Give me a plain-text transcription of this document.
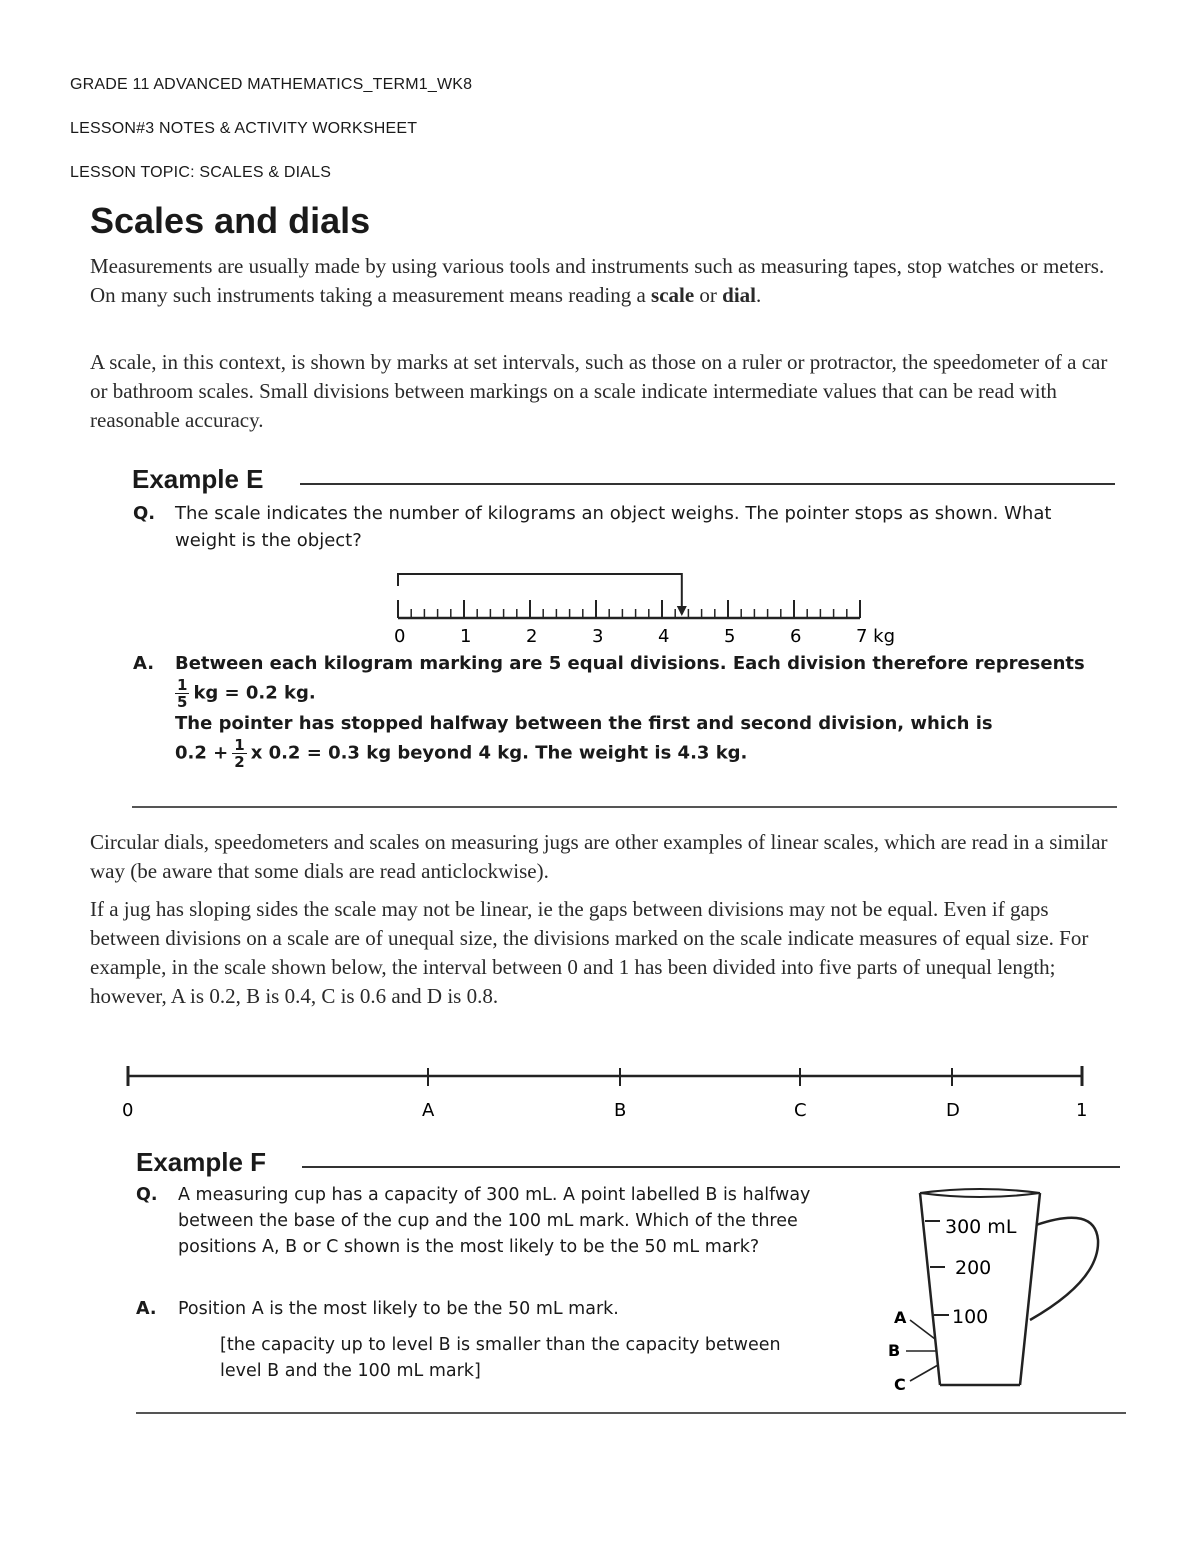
GRADE 11 ADVANCED MATHEMATICS_TERM1_WK8
LESSON#3 NOTES & ACTIVITY WORKSHEET
LESSON TOPIC: SCALES & DIALS
Scales and dials

Measurements are usually made by using various tools and instruments such as measuring tapes, stop watches or meters. On many such instruments taking a measurement means reading a scale or dial.

A scale, in this context, is shown by marks at set intervals, such as those on a ruler or protractor, the speedometer of a car or bathroom scales. Small divisions between markings on a scale indicate intermediate values that can be read with reasonable accuracy.

Example E
Q. The scale indicates the number of kilograms an object weighs. The pointer stops as shown. What weight is the object?
0	1	2	3	4	5	6	7 kg
A. Between each kilogram marking are 5 equal divisions. Each division therefore represents
$\frac{1}{5}$ kg = 0.2 kg.
The pointer has stopped halfway between the first and second division, which is
$0.2 + \frac{1}{2}$ x 0.2 = 0.3 kg beyond 4 kg. The weight is 4.3 kg.

Circular dials, speedometers and scales on measuring jugs are other examples of linear scales, which are read in a similar way (be aware that some dials are read anticlockwise).

If a jug has sloping sides the scale may not be linear, ie the gaps between divisions may not be equal. Even if gaps between divisions on a scale are of unequal size, the divisions marked on the scale indicate measures of equal size. For example, in the scale shown below, the interval between 0 and 1 has been divided into five parts of unequal length; however, A is 0.2, B is 0.4, C is 0.6 and D is 0.8.

0	A	B	C	D	1
Example F
Q. A measuring cup has a capacity of 300 mL. A point labelled B is halfway between the base of the cup and the 100 mL mark. Which of the three positions A, B or C shown is the most likely to be the 50 mL mark?
A. Position A is the most likely to be the 50 mL mark.
[the capacity up to level B is smaller than the capacity between level B and the 100 mL mark]
300 mL
200
100
A
B
C
